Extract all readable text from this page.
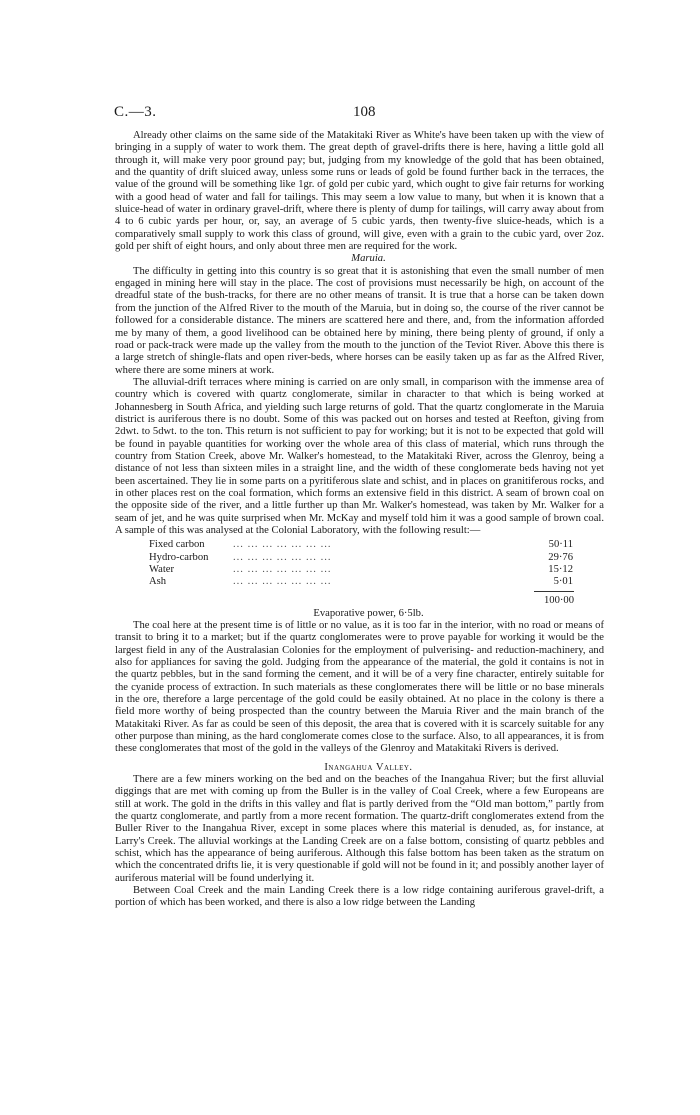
C.—3.	108

Already other claims on the same side of the Matakitaki River as White's have been taken up with the view of bringing in a supply of water to work them. The great depth of gravel-drifts there is here, having a little gold all through it, will make very poor ground pay; but, judging from my knowledge of the gold that has been obtained, and the quantity of drift sluiced away, unless some runs or leads of gold be found further back in the terraces, the value of the ground will be something like 1gr. of gold per cubic yard, which ought to give fair returns for working with a good head of water and fall for tailings. This may seem a low value to many, but when it is known that a sluice-head of water in ordinary gravel-drift, where there is plenty of dump for tailings, will carry away about from 4 to 6 cubic yards per hour, or, say, an average of 5 cubic yards, then twenty-five sluice-heads, which is a comparatively small supply to work this class of ground, will give, even with a grain to the cubic yard, over 2oz. gold per shift of eight hours, and only about three men are required for the work.

Maruia.

The difficulty in getting into this country is so great that it is astonishing that even the small number of men engaged in mining here will stay in the place. The cost of provisions must necessarily be high, on account of the dreadful state of the bush-tracks, for there are no other means of transit. It is true that a horse can be taken down from the junction of the Alfred River to the mouth of the Maruia, but in doing so, the course of the river cannot be followed for a considerable distance. The miners are scattered here and there, and, from the information afforded me by many of them, a good livelihood can be obtained here by mining, there being plenty of ground, if only a road or pack-track were made up the valley from the mouth to the junction of the Teviot River. Above this there is a large stretch of shingle-flats and open river-beds, where horses can be easily taken up as far as the Alfred River, where there are some miners at work.

The alluvial-drift terraces where mining is carried on are only small, in comparison with the immense area of country which is covered with quartz conglomerate, similar in character to that which is being worked at Johannesberg in South Africa, and yielding such large returns of gold. That the quartz conglomerate in the Maruia district is auriferous there is no doubt. Some of this was packed out on horses and tested at Reefton, giving from 2dwt. to 5dwt. to the ton. This return is not sufficient to pay for working; but it is not to be expected that gold will be found in payable quantities for working over the whole area of this class of material, which runs through the country from Station Creek, above Mr. Walker's homestead, to the Matakitaki River, across the Glenroy, being a distance of not less than sixteen miles in a straight line, and the width of these conglomerate beds having not yet been ascertained. They lie in some parts on a pyritiferous slate and schist, and in places on granitiferous rocks, and in other places rest on the coal formation, which forms an extensive field in this district. A seam of brown coal on the opposite side of the river, and a little further up than Mr. Walker's homestead, was taken by Mr. Walker for a seam of jet, and he was quite surprised when Mr. McKay and myself told him it was a good sample of brown coal. A sample of this was analysed at the Colonial Laboratory, with the following result:—

Fixed carbon	... ... ... ... ... ... ...	50·11
Hydro-carbon	... ... ... ... ... ... ...	29·76
Water	... ... ... ... ... ... ...	15·12
Ash	... ... ... ... ... ... ...	5·01
100·00

Evaporative power, 6·5lb.

The coal here at the present time is of little or no value, as it is too far in the interior, with no road or means of transit to bring it to a market; but if the quartz conglomerates were to prove payable for working it would be the largest field in any of the Australasian Colonies for the employment of pulverising- and reduction-machinery, and also for appliances for saving the gold. Judging from the appearance of the material, the gold it contains is not in the quartz pebbles, but in the sand forming the cement, and it will be of a very fine character, entirely suitable for the cyanide process of extraction. In such materials as these conglomerates there will be little or no base minerals in the ore, therefore a large percentage of the gold could be easily obtained. At no place in the colony is there a field more worthy of being prospected than the country between the Maruia River and the main branch of the Matakitaki River. As far as could be seen of this deposit, the area that is covered with it is scarcely suitable for any other purpose than mining, as the hard conglomerate comes close to the surface. Also, to all appearances, it is from these conglomerates that most of the gold in the valleys of the Glenroy and Matakitaki Rivers is derived.

Inangahua Valley.

There are a few miners working on the bed and on the beaches of the Inangahua River; but the first alluvial diggings that are met with coming up from the Buller is in the valley of Coal Creek, where a few Europeans are still at work. The gold in the drifts in this valley and flat is partly derived from the “Old man bottom,” partly from the quartz conglomerate, and partly from a more recent formation. The quartz-drift conglomerates extend from the Buller River to the Inangahua River, except in some places where this material is denuded, as, for instance, at Larry's Creek. The alluvial workings at the Landing Creek are on a false bottom, consisting of quartz pebbles and schist, which has the appearance of being auriferous. Although this false bottom has been taken as the stratum on which the concentrated drifts lie, it is very questionable if gold will not be found in it; and possibly another layer of auriferous material will be found underlying it.

Between Coal Creek and the main Landing Creek there is a low ridge containing auriferous gravel-drift, a portion of which has been worked, and there is also a low ridge between the Landing
